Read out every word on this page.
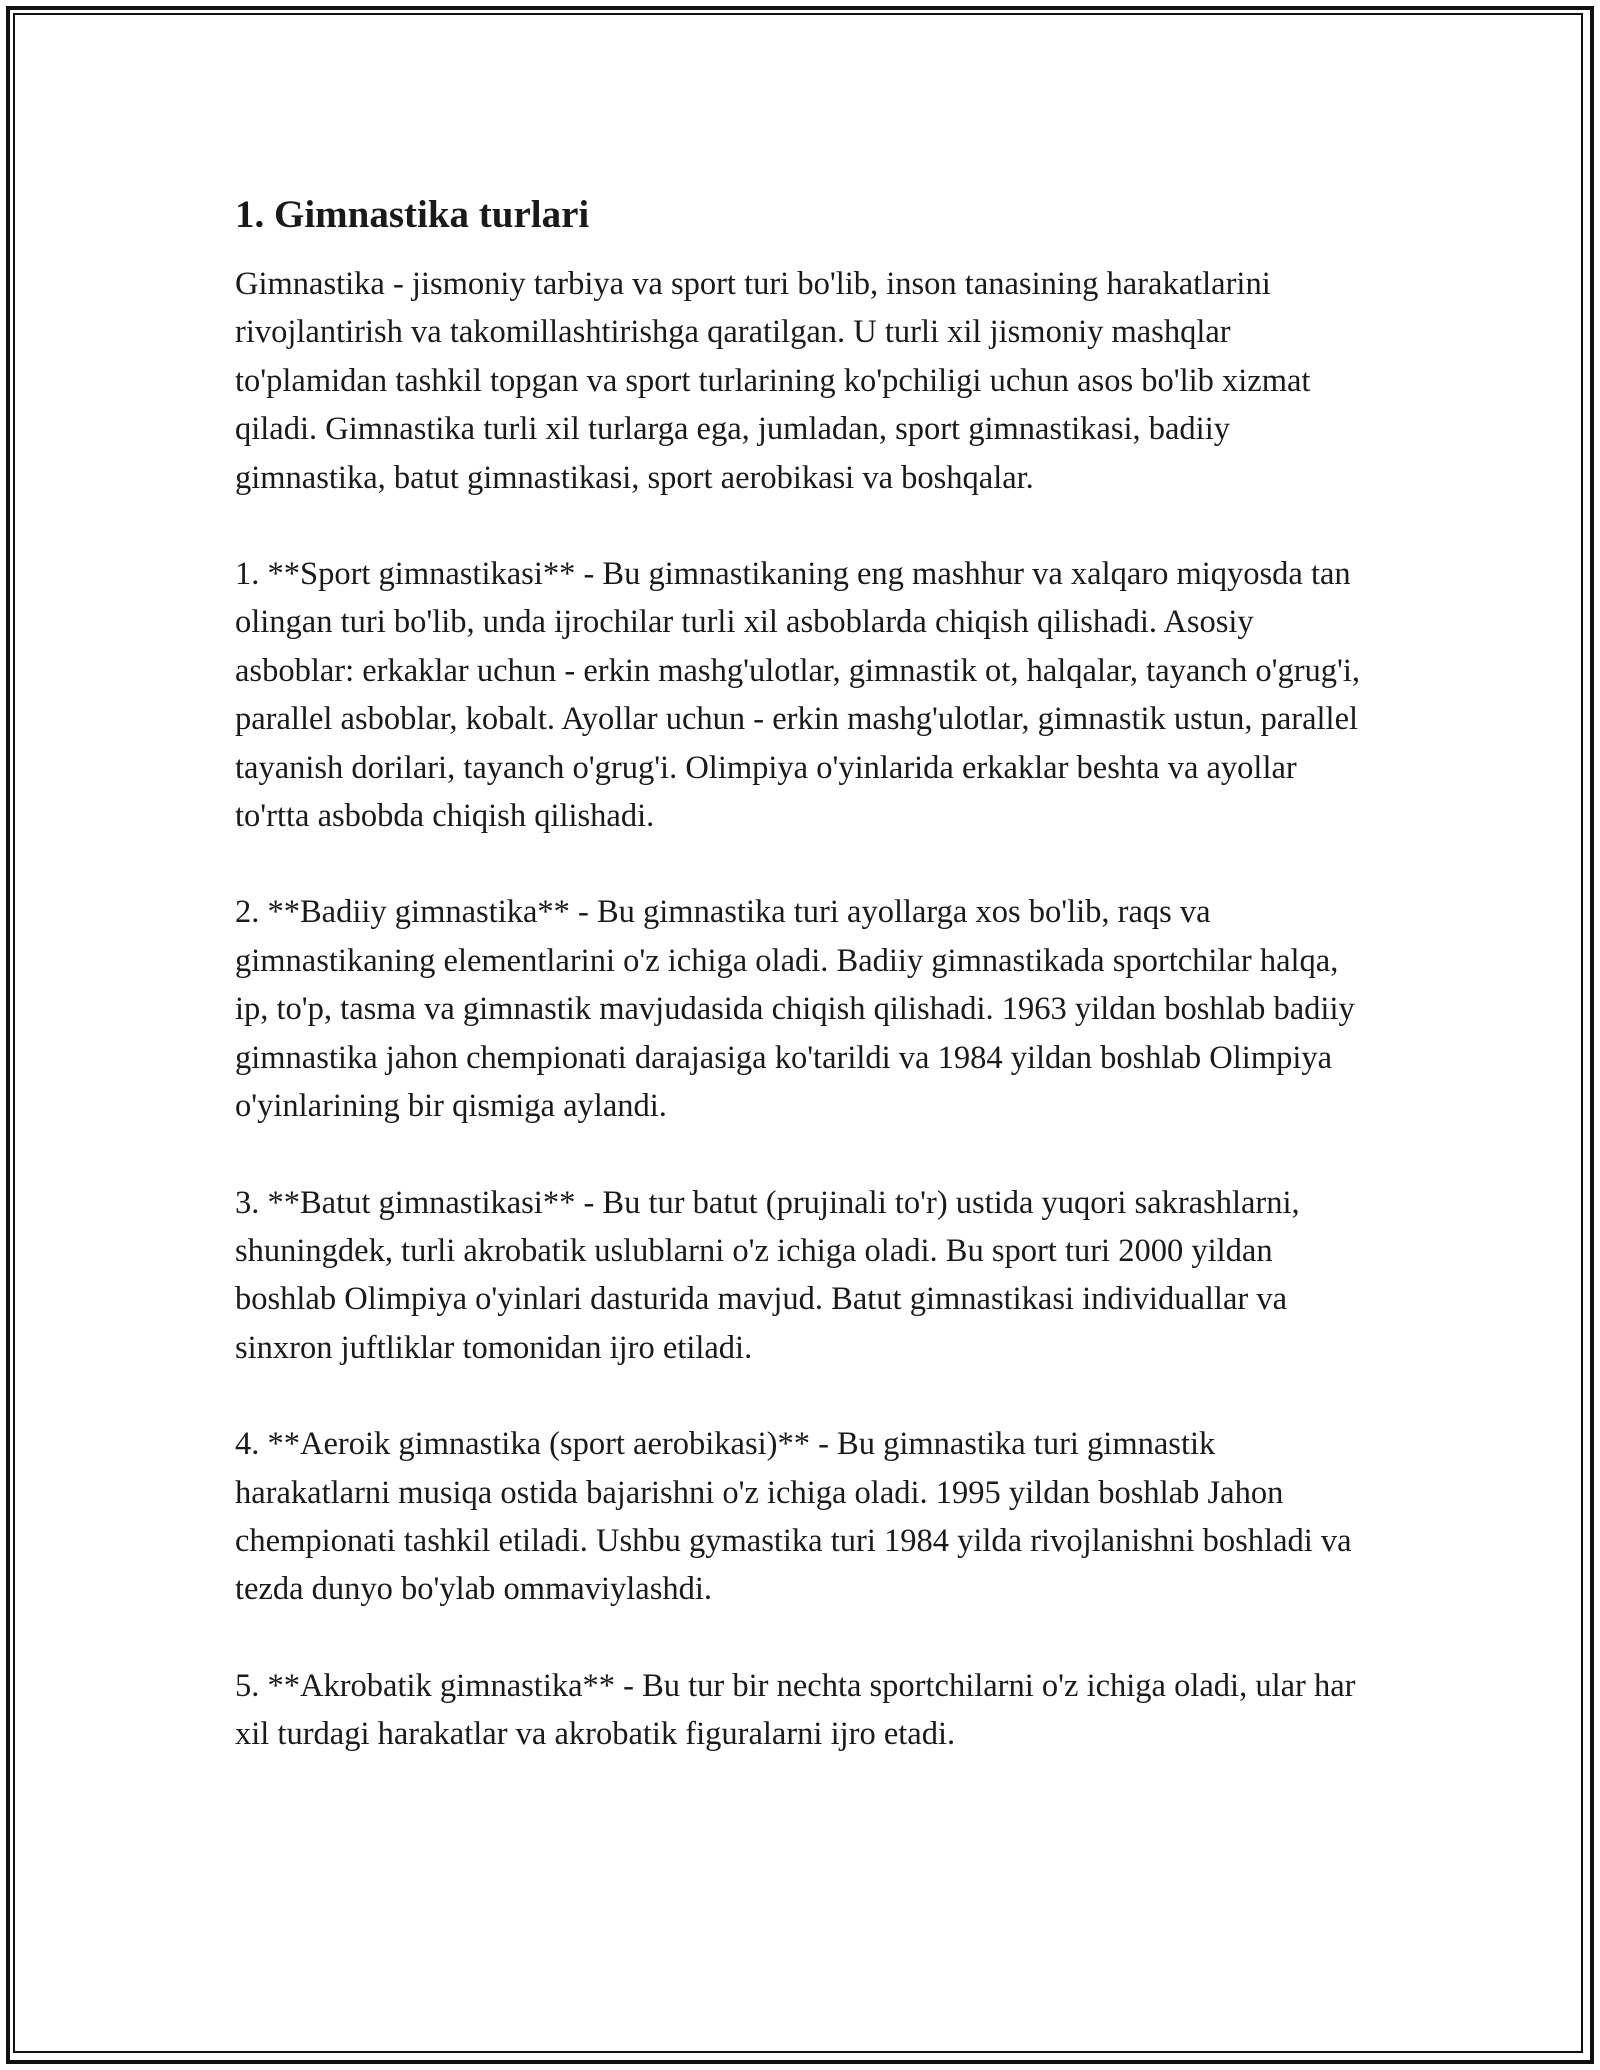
1. Gimnastika turlari

Gimnastika - jismoniy tarbiya va sport turi bo'lib, inson tanasining harakatlarini rivojlantirish va takomillashtirishga qaratilgan. U turli xil jismoniy mashqlar to'plamidan tashkil topgan va sport turlarining ko'pchiligi uchun asos bo'lib xizmat qiladi. Gimnastika turli xil turlarga ega, jumladan, sport gimnastikasi, badiiy gimnastika, batut gimnastikasi, sport aerobikasi va boshqalar.

1. **Sport gimnastikasi** - Bu gimnastikaning eng mashhur va xalqaro miqyosda tan olingan turi bo'lib, unda ijrochilar turli xil asboblarda chiqish qilishadi. Asosiy asboblar: erkaklar uchun - erkin mashg'ulotlar, gimnastik ot, halqalar, tayanch o'grug'i, parallel asboblar, kobalt. Ayollar uchun - erkin mashg'ulotlar, gimnastik ustun, parallel tayanish dorilari, tayanch o'grug'i. Olimpiya o'yinlarida erkaklar beshta va ayollar to'rtta asbobda chiqish qilishadi.

2. **Badiiy gimnastika** - Bu gimnastika turi ayollarga xos bo'lib, raqs va gimnastikaning elementlarini o'z ichiga oladi. Badiiy gimnastikada sportchilar halqa, ip, to'p, tasma va gimnastik mavjudasida chiqish qilishadi. 1963 yildan boshlab badiiy gimnastika jahon chempionati darajasiga ko'tarildi va 1984 yildan boshlab Olimpiya o'yinlarining bir qismiga aylandi.

3. **Batut gimnastikasi** - Bu tur batut (prujinali to'r) ustida yuqori sakrashlarni, shuningdek, turli akrobatik uslublarni o'z ichiga oladi. Bu sport turi 2000 yildan boshlab Olimpiya o'yinlari dasturida mavjud. Batut gimnastikasi individuallar va sinxron juftliklar tomonidan ijro etiladi.

4. **Aeroik gimnastika (sport aerobikasi)** - Bu gimnastika turi gimnastik harakatlarni musiqa ostida bajarishni o'z ichiga oladi. 1995 yildan boshlab Jahon chempionati tashkil etiladi. Ushbu gymastika turi 1984 yilda rivojlanishni boshladi va tezda dunyo bo'ylab ommaviylashdi.

5. **Akrobatik gimnastika** - Bu tur bir nechta sportchilarni o'z ichiga oladi, ular har xil turdagi harakatlar va akrobatik figuralarni ijro etadi.
